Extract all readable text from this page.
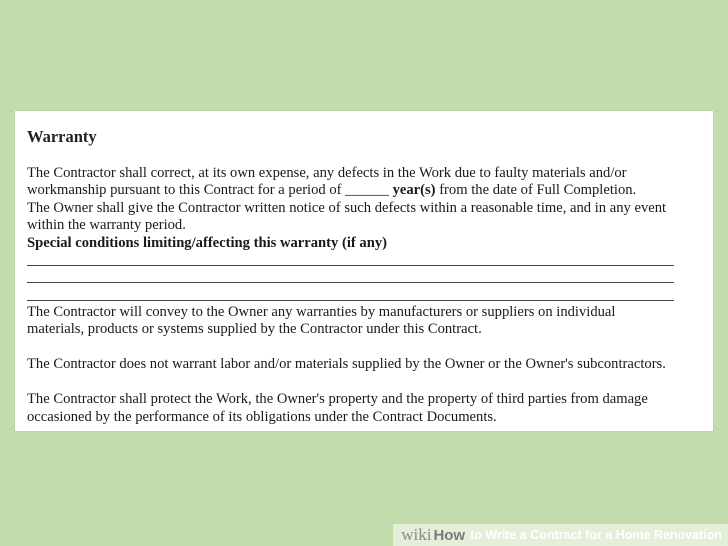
Warranty
The Contractor shall correct, at its own expense, any defects in the Work due to faulty materials and/or
workmanship pursuant to this Contract for a period of ______ year(s) from the date of Full Completion.
The Owner shall give the Contractor written notice of such defects within a reasonable time, and in any event
within the warranty period.
Special conditions limiting/affecting this warranty (if any)
The Contractor will convey to the Owner any warranties by manufacturers or suppliers on individual
materials, products or systems supplied by the Contractor under this Contract.
The Contractor does not warrant labor and/or materials supplied by the Owner or the Owner's subcontractors.
The Contractor shall protect the Work, the Owner's property and the property of third parties from damage
occasioned by the performance of its obligations under the Contract Documents.
wiki How to Write a Contract for a Home Renovation
